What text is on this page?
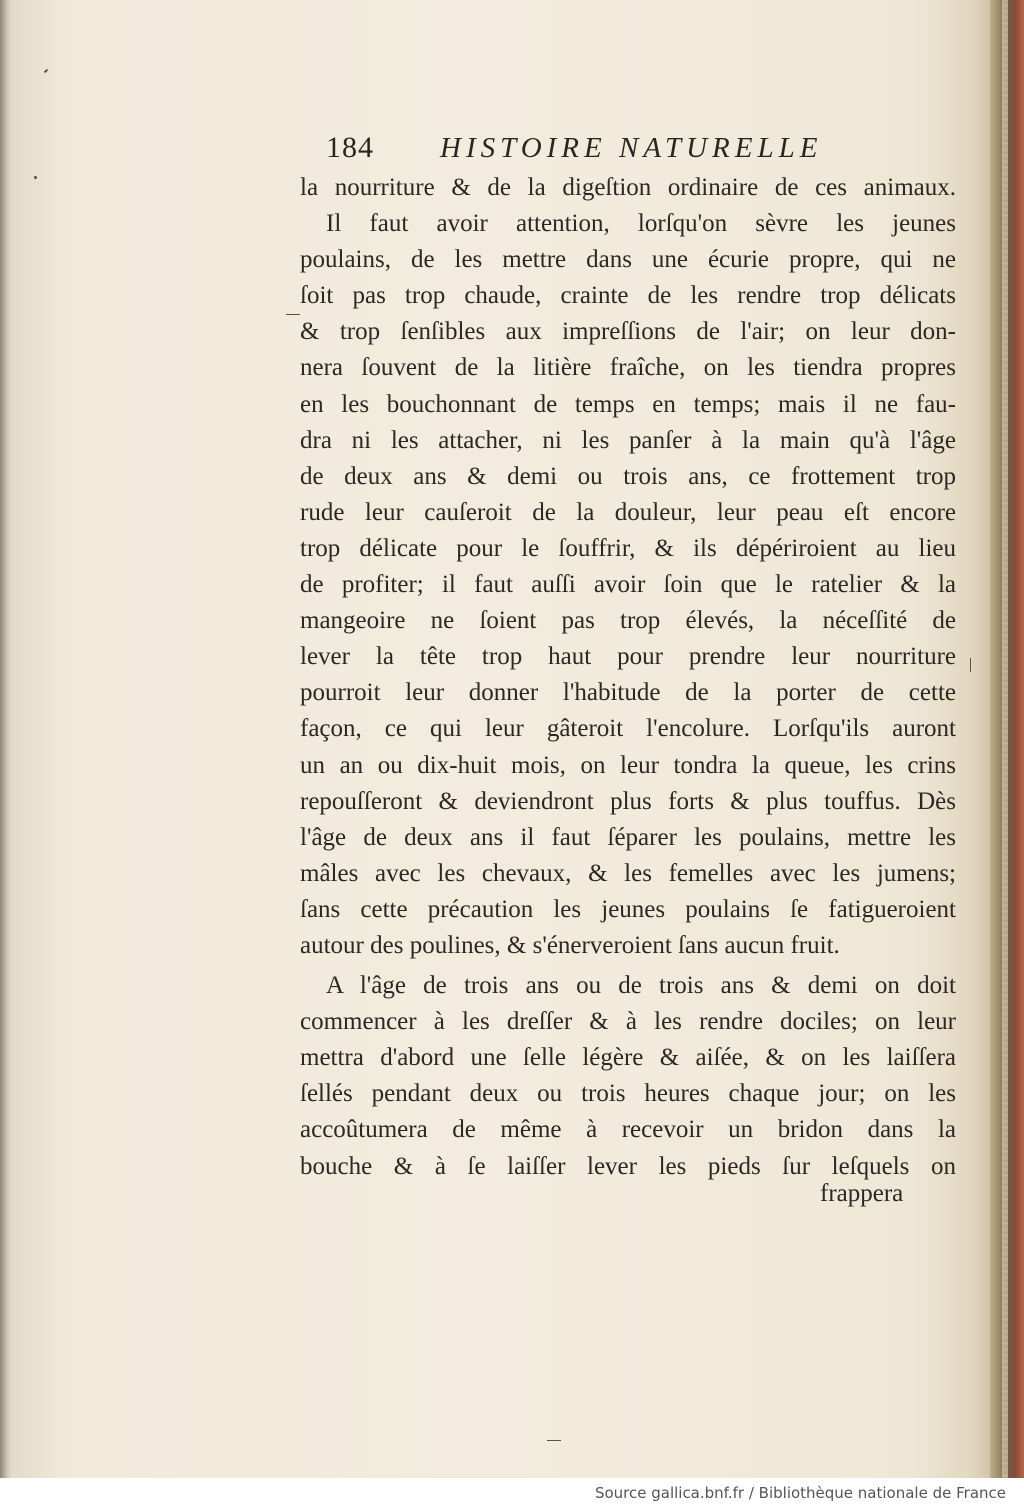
184 HISTOIRE NATURELLE
la nourriture & de la digeſtion ordinaire de ces animaux.
Il faut avoir attention, lorſqu'on sèvre les jeunes
poulains, de les mettre dans une écurie propre, qui ne
ſoit pas trop chaude, crainte de les rendre trop délicats
& trop ſenſibles aux impreſſions de l'air; on leur don-
nera ſouvent de la litière fraîche, on les tiendra propres
en les bouchonnant de temps en temps; mais il ne fau-
dra ni les attacher, ni les panſer à la main qu'à l'âge
de deux ans & demi ou trois ans, ce frottement trop
rude leur cauſeroit de la douleur, leur peau eſt encore
trop délicate pour le ſouffrir, & ils dépériroient au lieu
de profiter; il faut auſſi avoir ſoin que le ratelier & la
mangeoire ne ſoient pas trop élevés, la néceſſité de
lever la tête trop haut pour prendre leur nourriture
pourroit leur donner l'habitude de la porter de cette
façon, ce qui leur gâteroit l'encolure. Lorſqu'ils auront
un an ou dix-huit mois, on leur tondra la queue, les crins
repouſſeront & deviendront plus forts & plus touffus. Dès
l'âge de deux ans il faut ſéparer les poulains, mettre les
mâles avec les chevaux, & les femelles avec les jumens;
ſans cette précaution les jeunes poulains ſe fatigueroient
autour des poulines, & s'énerveroient ſans aucun fruit.
A l'âge de trois ans ou de trois ans & demi on doit
commencer à les dreſſer & à les rendre dociles; on leur
mettra d'abord une ſelle légère & aiſée, & on les laiſſera
ſellés pendant deux ou trois heures chaque jour; on les
accoûtumera de même à recevoir un bridon dans la
bouche & à ſe laiſſer lever les pieds ſur leſquels on
frappera
Source gallica.bnf.fr / Bibliothèque nationale de France
